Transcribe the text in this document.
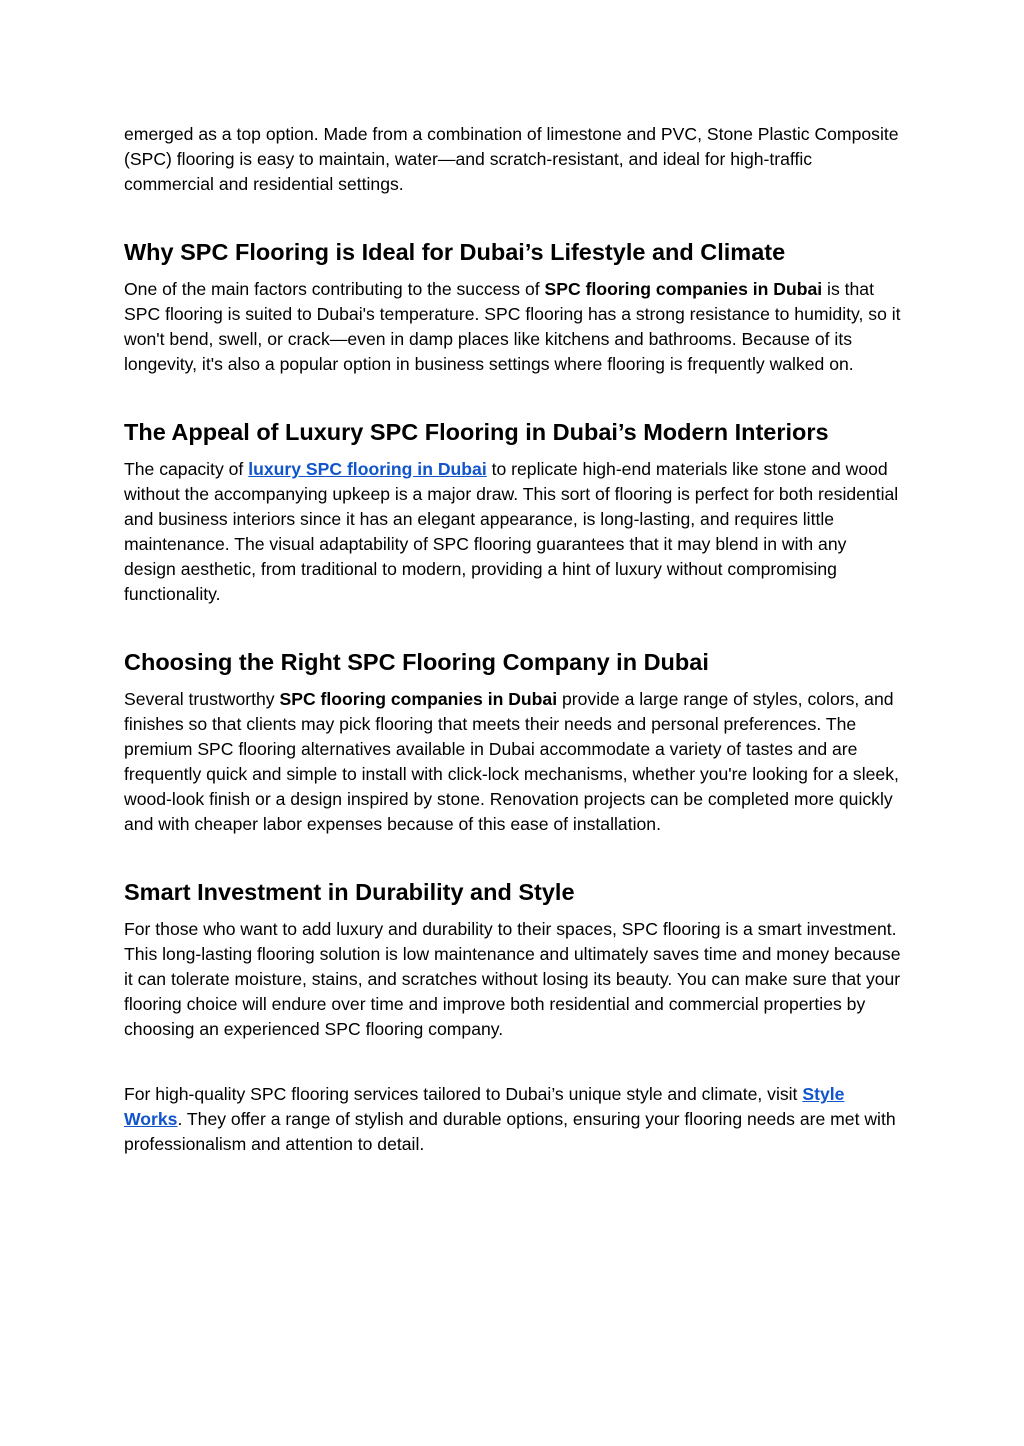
emerged as a top option. Made from a combination of limestone and PVC, Stone Plastic Composite (SPC) flooring is easy to maintain, water—and scratch-resistant, and ideal for high-traffic commercial and residential settings.

Why SPC Flooring is Ideal for Dubai’s Lifestyle and Climate

One of the main factors contributing to the success of SPC flooring companies in Dubai is that SPC flooring is suited to Dubai's temperature. SPC flooring has a strong resistance to humidity, so it won't bend, swell, or crack—even in damp places like kitchens and bathrooms. Because of its longevity, it's also a popular option in business settings where flooring is frequently walked on.

The Appeal of Luxury SPC Flooring in Dubai’s Modern Interiors

The capacity of luxury SPC flooring in Dubai to replicate high-end materials like stone and wood without the accompanying upkeep is a major draw. This sort of flooring is perfect for both residential and business interiors since it has an elegant appearance, is long-lasting, and requires little maintenance. The visual adaptability of SPC flooring guarantees that it may blend in with any design aesthetic, from traditional to modern, providing a hint of luxury without compromising functionality.

Choosing the Right SPC Flooring Company in Dubai

Several trustworthy SPC flooring companies in Dubai provide a large range of styles, colors, and finishes so that clients may pick flooring that meets their needs and personal preferences. The premium SPC flooring alternatives available in Dubai accommodate a variety of tastes and are frequently quick and simple to install with click-lock mechanisms, whether you're looking for a sleek, wood-look finish or a design inspired by stone. Renovation projects can be completed more quickly and with cheaper labor expenses because of this ease of installation.

Smart Investment in Durability and Style

For those who want to add luxury and durability to their spaces, SPC flooring is a smart investment. This long-lasting flooring solution is low maintenance and ultimately saves time and money because it can tolerate moisture, stains, and scratches without losing its beauty. You can make sure that your flooring choice will endure over time and improve both residential and commercial properties by choosing an experienced SPC flooring company.

For high-quality SPC flooring services tailored to Dubai’s unique style and climate, visit Style Works. They offer a range of stylish and durable options, ensuring your flooring needs are met with professionalism and attention to detail.
